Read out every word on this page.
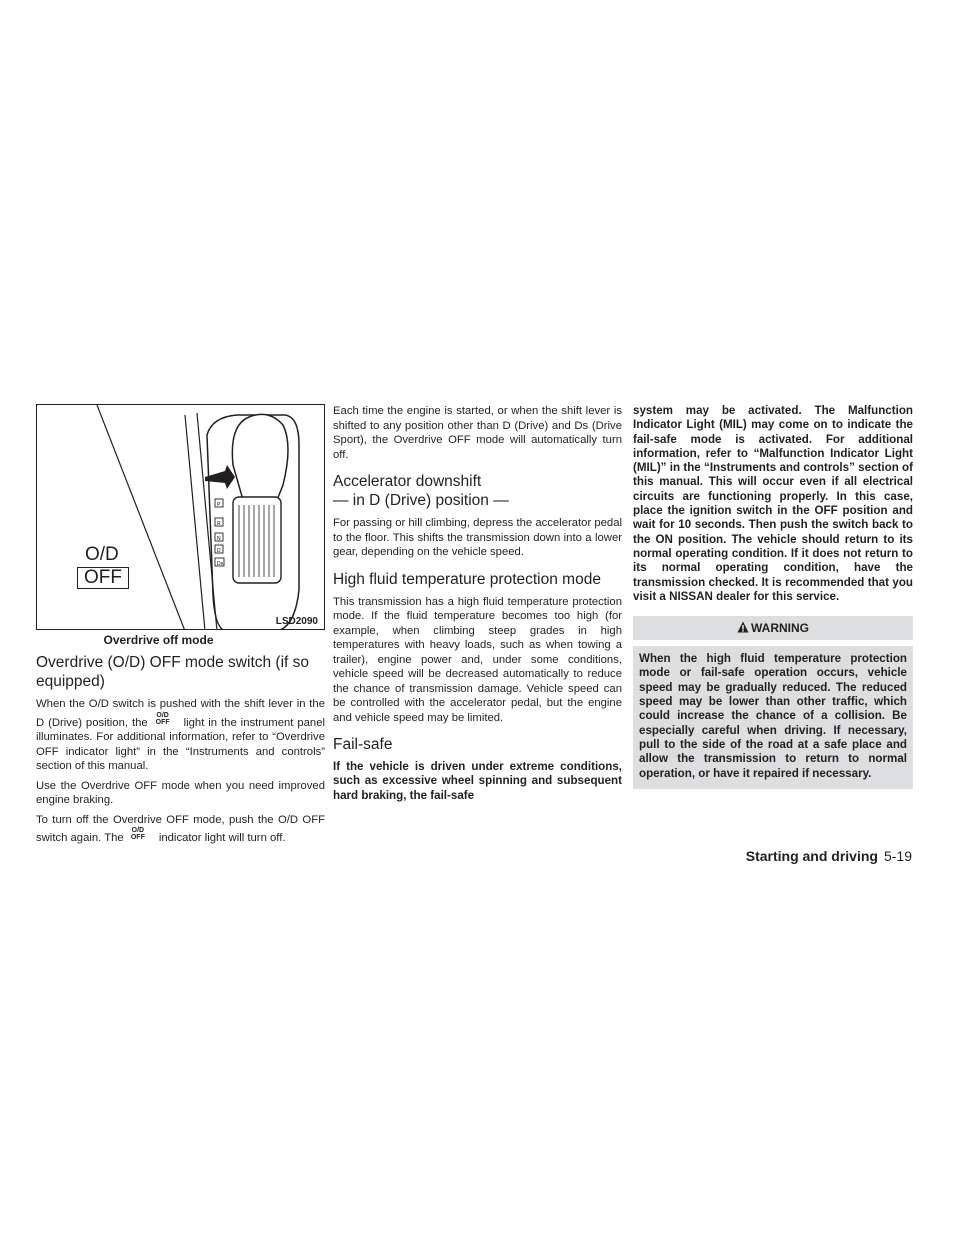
P
R
N
D
Ds
O/D
OFF
LSD2090
Overdrive off mode
Overdrive (O/D) OFF mode switch (if so equipped)

When the O/D switch is pushed with the shift lever in the D (Drive) position, the O/D
OFF light in the instrument panel illuminates. For additional information, refer to “Overdrive OFF indicator light” in the “Instruments and controls” section of this manual.

Use the Overdrive OFF mode when you need improved engine braking.

To turn off the Overdrive OFF mode, push the O/D OFF switch again. The O/D
OFF indicator light will turn off.

Each time the engine is started, or when the shift lever is shifted to any position other than D (Drive) and Ds (Drive Sport), the Overdrive OFF mode will automatically turn off.

Accelerator downshift
— in D (Drive) position —

For passing or hill climbing, depress the accelerator pedal to the floor. This shifts the transmission down into a lower gear, depending on the vehicle speed.

High fluid temperature protection mode

This transmission has a high fluid temperature protection mode. If the fluid temperature becomes too high (for example, when climbing steep grades in high temperatures with heavy loads, such as when towing a trailer), engine power and, under some conditions, vehicle speed will be decreased automatically to reduce the chance of transmission damage. Vehicle speed can be controlled with the accelerator pedal, but the engine and vehicle speed may be limited.

Fail-safe

If the vehicle is driven under extreme conditions, such as excessive wheel spinning and subsequent hard braking, the fail-safe

system may be activated. The Malfunction Indicator Light (MIL) may come on to indicate the fail-safe mode is activated. For additional information, refer to “Malfunction Indicator Light (MIL)” in the “Instruments and controls” section of this manual. This will occur even if all electrical circuits are functioning properly. In this case, place the ignition switch in the OFF position and wait for 10 seconds. Then push the switch back to the ON position. The vehicle should return to its normal operating condition. If it does not return to its normal operating condition, have the transmission checked. It is recommended that you visit a NISSAN dealer for this service.

WARNING

When the high fluid temperature protection mode or fail-safe operation occurs, vehicle speed may be gradually reduced. The reduced speed may be lower than other traffic, which could increase the chance of a collision. Be especially careful when driving. If necessary, pull to the side of the road at a safe place and allow the transmission to return to normal operation, or have it repaired if necessary.

Starting and driving 5-19
